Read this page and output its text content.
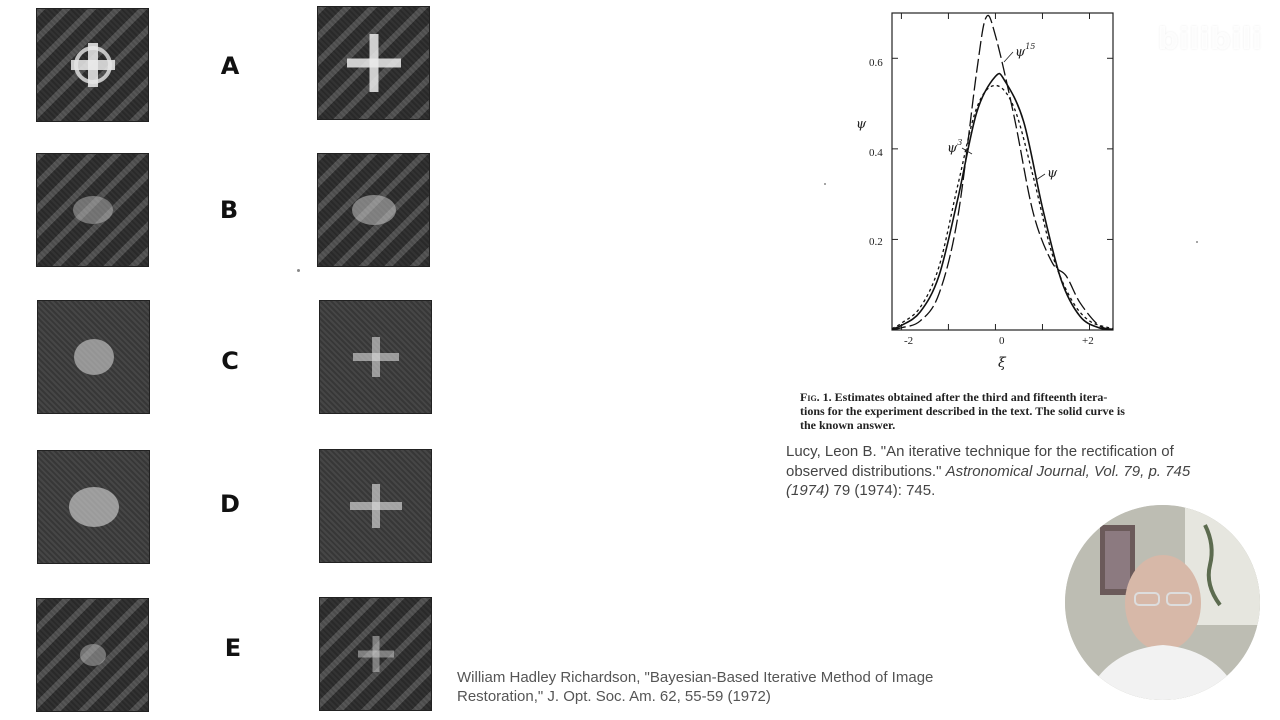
A
B
C
D
E
William Hadley Richardson, "Bayesian-Based Iterative Method of Image
Restoration," J. Opt. Soc. Am. 62, 55-59 (1972)
0.6
0.4
0.2
-2	0	+2
ψ
ξ
$\psi^{15}$
$\psi^3$
ψ
Fig. 1. Estimates obtained after the third and fifteenth itera-
tions for the experiment described in the text. The solid curve is
the known answer.
Lucy, Leon B. "An iterative technique for the rectification of
observed distributions." Astronomical Journal, Vol. 79, p. 745
(1974) 79 (1974): 745.
bilibili
